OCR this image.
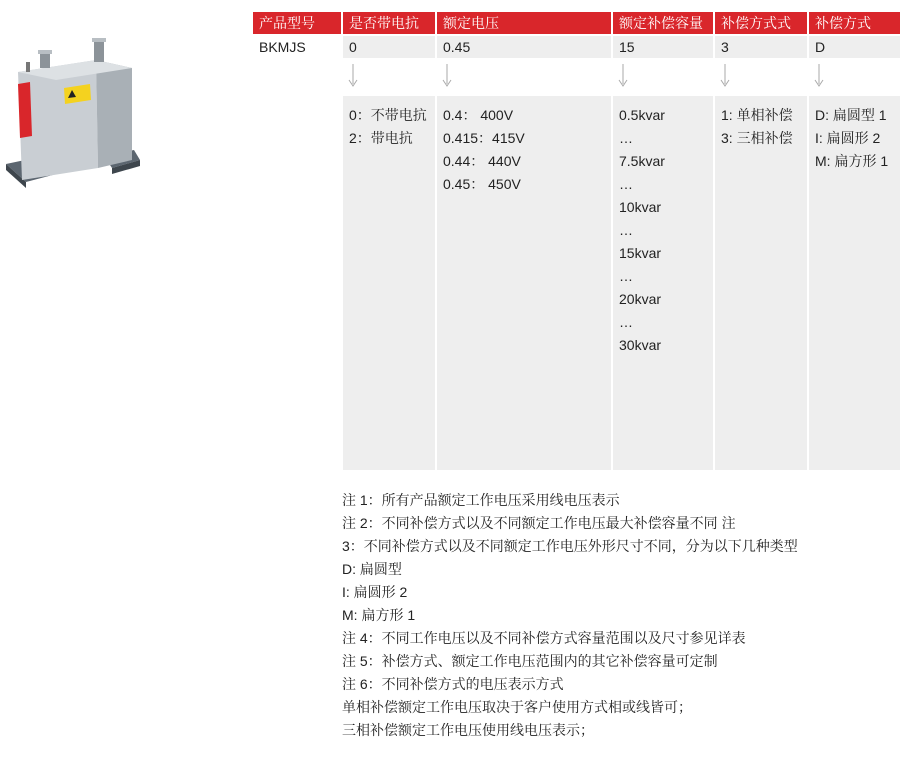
产品型号
BKMJS
是否带电抗
0
0：不带电抗
2：带电抗
额定电压
0.45
0.4： 400V
0.415：415V
0.44： 440V
0.45： 450V
额定补偿容量
15
0.5kvar
…
7.5kvar
…
10kvar
…
15kvar
…
20kvar
…
30kvar
补偿方式式
3
1: 单相补偿
3: 三相补偿
补偿方式
D
D: 扁圆型 1
I: 扁圆形 2
M: 扁方形 1
注 1：所有产品额定工作电压采用线电压表示
注 2：不同补偿方式以及不同额定工作电压最大补偿容量不同 注
3：不同补偿方式以及不同额定工作电压外形尺寸不同，分为以下几种类型
D: 扁圆型
I: 扁圆形 2
M: 扁方形 1
注 4：不同工作电压以及不同补偿方式容量范围以及尺寸参见详表
注 5：补偿方式、额定工作电压范围内的其它补偿容量可定制
注 6：不同补偿方式的电压表示方式
单相补偿额定工作电压取决于客户使用方式相或线皆可；
三相补偿额定工作电压使用线电压表示；
